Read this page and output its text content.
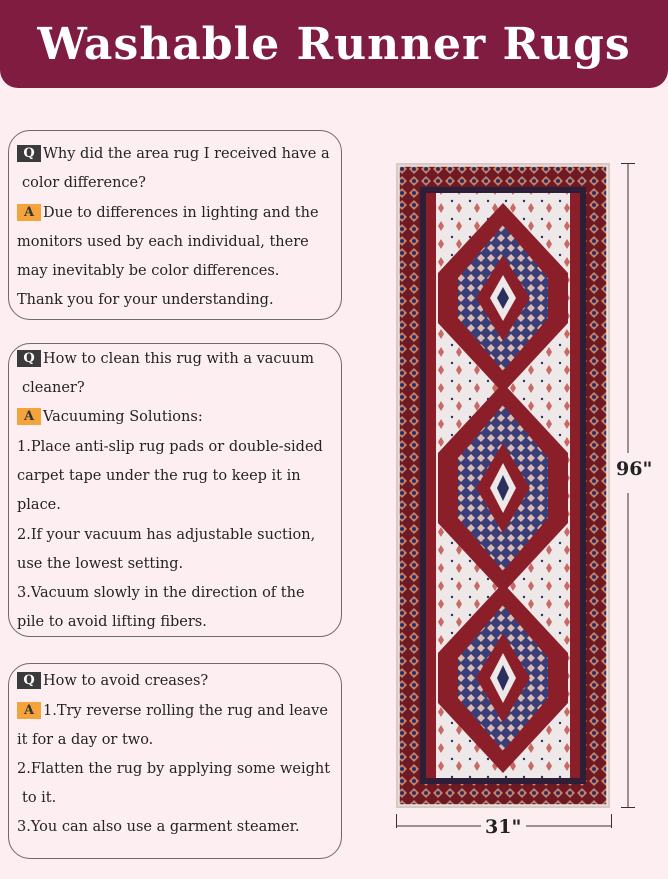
Washable Runner Rugs
Q Why did the area rug I received have a
color difference?
A Due to differences in lighting and the
monitors used by each individual, there
may inevitably be color differences.
Thank you for your understanding.
Q How to clean this rug with a vacuum
cleaner?
A Vacuuming Solutions:
1.Place anti-slip rug pads or double-sided
carpet tape under the rug to keep it in
place.
2.If your vacuum has adjustable suction,
use the lowest setting.
3.Vacuum slowly in the direction of the
pile to avoid lifting fibers.
Q How to avoid creases?
A 1.Try reverse rolling the rug and leave
it for a day or two.
2.Flatten the rug by applying some weight
to it.
3.You can also use a garment steamer.
96"
31"
